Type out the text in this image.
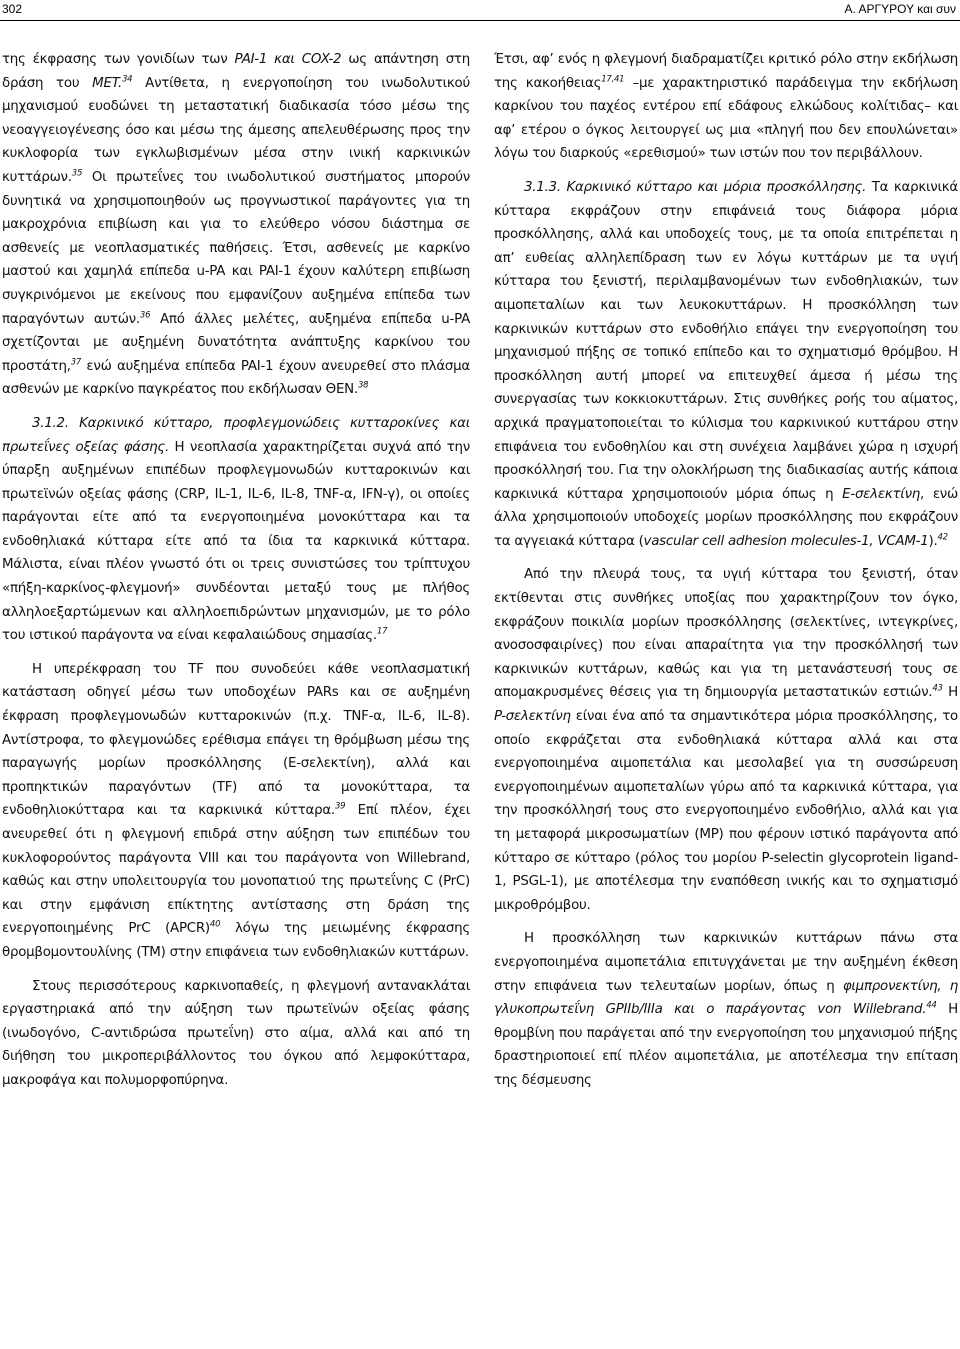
302	Α. ΑΡΓΥΡΟΥ και συν

της έκφρασης των γονιδίων των PAI-1 και COX-2 ως απάντηση στη δράση του MET.$^{34}$ Αντίθετα, η ενεργοποίηση του ινωδολυτικού μηχανισμού ευοδώνει τη μεταστατική διαδικασία τόσο μέσω της νεοαγγειογένεσης όσο και μέσω της άμεσης απελευθέρωσης προς την κυκλοφορία των εγκλωβισμένων μέσα στην ινική καρκινικών κυττάρων.$^{35}$ Οι πρωτεΐνες του ινωδολυτικού συστήματος μπορούν δυνητικά να χρησιμοποιηθούν ως προγνωστικοί παράγοντες για τη μακροχρόνια επιβίωση και για το ελεύθερο νόσου διάστημα σε ασθενείς με νεοπλασματικές παθήσεις. Έτσι, ασθενείς με καρκίνο μαστού και χαμηλά επίπεδα u-PA και PAI-1 έχουν καλύτερη επιβίωση συγκρινόμενοι με εκείνους που εμφανίζουν αυξημένα επίπεδα των παραγόντων αυτών.$^{36}$ Από άλλες μελέτες, αυξημένα επίπεδα u-PA σχετίζονται με αυξημένη δυνατότητα ανάπτυξης καρκίνου του προστάτη,$^{37}$ ενώ αυξημένα επίπεδα PAI-1 έχουν ανευρεθεί στο πλάσμα ασθενών με καρκίνο παγκρέατος που εκδήλωσαν ΘΕΝ.$^{38}$

3.1.2. Καρκινικό κύτταρο, προφλεγμονώδεις κυτταροκίνες και πρωτεΐνες οξείας φάσης. Η νεοπλασία χαρακτηρίζεται συχνά από την ύπαρξη αυξημένων επιπέδων προφλεγμονωδών κυτταροκινών και πρωτεϊνών οξείας φάσης (CRP, IL-1, IL-6, IL-8, TNF-α, IFN-γ), οι οποίες παράγονται είτε από τα ενεργοποιημένα μονοκύτταρα και τα ενδοθηλιακά κύτταρα είτε από τα ίδια τα καρκινικά κύτταρα. Μάλιστα, είναι πλέον γνωστό ότι οι τρεις συνιστώσες του τρίπτυχου «πήξη-καρκίνος-φλεγμονή» συνδέονται μεταξύ τους με πλήθος αλληλοεξαρτώμενων και αλληλοεπιδρώντων μηχανισμών, με το ρόλο του ιστικού παράγοντα να είναι κεφαλαιώδους σημασίας.$^{17}$

Η υπερέκφραση του TF που συνοδεύει κάθε νεοπλασματική κατάσταση οδηγεί μέσω των υποδοχέων PARs και σε αυξημένη έκφραση προφλεγμονωδών κυτταροκινών (π.χ. TNF-α, IL-6, IL-8). Αντίστροφα, το φλεγμονώδες ερέθισμα επάγει τη θρόμβωση μέσω της παραγωγής μορίων προσκόλλησης (E-σελεκτίνη), αλλά και προπηκτικών παραγόντων (TF) από τα μονοκύτταρα, τα ενδοθηλιοκύτταρα και τα καρκινικά κύτταρα.$^{39}$ Επί πλέον, έχει ανευρεθεί ότι η φλεγμονή επιδρά στην αύξηση των επιπέδων του κυκλοφορούντος παράγοντα VIII και του παράγοντα von Willebrand, καθώς και στην υπολειτουργία του μονοπατιού της πρωτεΐνης C (PrC) και στην εμφάνιση επίκτητης αντίστασης στη δράση της ενεργοποιημένης PrC (APCR)$^{40}$ λόγω της μειωμένης έκφρασης θρομβομοντουλίνης (TM) στην επιφάνεια των ενδοθηλιακών κυττάρων.

Στους περισσότερους καρκινοπαθείς, η φλεγμονή αντανακλάται εργαστηριακά από την αύξηση των πρωτεϊνών οξείας φάσης (ινωδογόνο, C-αντιδρώσα πρωτεΐνη) στο αίμα, αλλά και από τη διήθηση του μικροπεριβάλλοντος του όγκου από λεμφοκύτταρα, μακροφάγα και πολυμορφοπύρηνα.

Έτσι, αφ’ ενός η φλεγμονή διαδραματίζει κριτικό ρόλο στην εκδήλωση της κακοήθειας$^{17,41}$ –με χαρακτηριστικό παράδειγμα την εκδήλωση καρκίνου του παχέος εντέρου επί εδάφους ελκώδους κολίτιδας– και αφ’ ετέρου ο όγκος λειτουργεί ως μια «πληγή που δεν επουλώνεται» λόγω του διαρκούς «ερεθισμού» των ιστών που τον περιβάλλουν.

3.1.3. Καρκινικό κύτταρο και μόρια προσκόλλησης. Τα καρκινικά κύτταρα εκφράζουν στην επιφάνειά τους διάφορα μόρια προσκόλλησης, αλλά και υποδοχείς τους, με τα οποία επιτρέπεται η απ’ ευθείας αλληλεπίδραση των εν λόγω κυττάρων με τα υγιή κύτταρα του ξενιστή, περιλαμβανομένων των ενδοθηλιακών, των αιμοπεταλίων και των λευκοκυττάρων. Η προσκόλληση των καρκινικών κυττάρων στο ενδοθήλιο επάγει την ενεργοποίηση του μηχανισμού πήξης σε τοπικό επίπεδο και το σχηματισμό θρόμβου. Η προσκόλληση αυτή μπορεί να επιτευχθεί άμεσα ή μέσω της συνεργασίας των κοκκιοκυττάρων. Στις συνθήκες ροής του αίματος, αρχικά πραγματοποιείται το κύλισμα του καρκινικού κυττάρου στην επιφάνεια του ενδοθηλίου και στη συνέχεια λαμβάνει χώρα η ισχυρή προσκόλλησή του. Για την ολοκλήρωση της διαδικασίας αυτής κάποια καρκινικά κύτταρα χρησιμοποιούν μόρια όπως η E-σελεκτίνη, ενώ άλλα χρησιμοποιούν υποδοχείς μορίων προσκόλλησης που εκφράζουν τα αγγειακά κύτταρα (vascular cell adhesion molecules-1, VCAM-1).$^{42}$

Από την πλευρά τους, τα υγιή κύτταρα του ξενιστή, όταν εκτίθενται στις συνθήκες υποξίας που χαρακτηρίζουν τον όγκο, εκφράζουν ποικιλία μορίων προσκόλλησης (σελεκτίνες, ιντεγκρίνες, ανοσοσφαιρίνες) που είναι απαραίτητα για την προσκόλλησή των καρκινικών κυττάρων, καθώς και για τη μετανάστευσή τους σε απομακρυσμένες θέσεις για τη δημιουργία μεταστατικών εστιών.$^{43}$ Η P-σελεκτίνη είναι ένα από τα σημαντικότερα μόρια προσκόλλησης, το οποίο εκφράζεται στα ενδοθηλιακά κύτταρα αλλά και στα ενεργοποιημένα αιμοπετάλια και μεσολαβεί για τη συσσώρευση ενεργοποιημένων αιμοπεταλίων γύρω από τα καρκινικά κύτταρα, για την προσκόλλησή τους στο ενεργοποιημένο ενδοθήλιο, αλλά και για τη μεταφορά μικροσωματίων (MP) που φέρουν ιστικό παράγοντα από κύτταρο σε κύτταρο (ρόλος του μορίου P-selectin glycoprotein ligand-1, PSGL-1), με αποτέλεσμα την εναπόθεση ινικής και το σχηματισμό μικροθρόμβου.

Η προσκόλληση των καρκινικών κυττάρων πάνω στα ενεργοποιημένα αιμοπετάλια επιτυγχάνεται με την αυξημένη έκθεση στην επιφάνεια των τελευταίων μορίων, όπως η φιμπρονεκτίνη, η γλυκοπρωτεΐνη GPIIb/IIIa και ο παράγοντας von Willebrand.$^{44}$ Η θρομβίνη που παράγεται από την ενεργοποίηση του μηχανισμού πήξης δραστηριοποιεί επί πλέον αιμοπετάλια, με αποτέλεσμα την επίταση της δέσμευσης
